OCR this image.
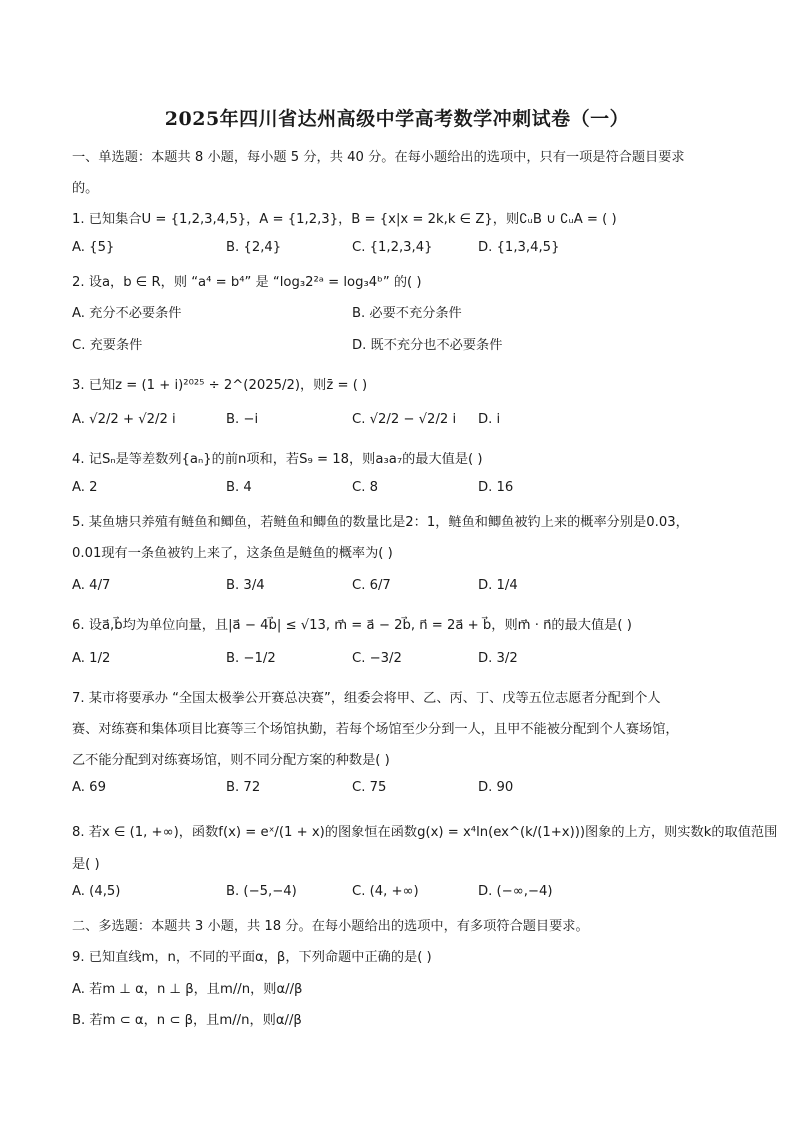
2025年四川省达州高级中学高考数学冲刺试卷（一）
一、单选题：本题共 8 小题，每小题 5 分，共 40 分。在每小题给出的选项中，只有一项是符合题目要求
的。
1. 已知集合U = {1,2,3,4,5}，A = {1,2,3}，B = {x|x = 2k,k ∈ Z}，则∁ᵤB ∪ ∁ᵤA = ( )
A. {5}	B. {2,4}	C. {1,2,3,4}	D. {1,3,4,5}
2. 设a，b ∈ R，则 “a⁴ = b⁴” 是 “log₃2²ᵃ = log₃4ᵇ” 的( )
A. 充分不必要条件	B. 必要不充分条件
C. 充要条件	D. 既不充分也不必要条件
3. 已知z = (1 + i)²⁰²⁵ ÷ 2^(2025/2)，则z̄ = ( )
A. √2/2 + √2/2 i	B. −i	C. √2/2 − √2/2 i D. i
4. 记Sₙ是等差数列{aₙ}的前n项和，若S₉ = 18，则a₃a₇的最大值是( )
A. 2	B. 4	C. 8	D. 16
5. 某鱼塘只养殖有鲢鱼和鲫鱼，若鲢鱼和鲫鱼的数量比是2：1，鲢鱼和鲫鱼被钓上来的概率分别是0.03，
0.01现有一条鱼被钓上来了，这条鱼是鲢鱼的概率为( )
A. 4/7	B. 3/4	C. 6/7	D. 1/4
6. 设a⃗,b⃗均为单位向量，且|a⃗ − 4b⃗| ≤ √13, m⃗ = a⃗ − 2b⃗, n⃗ = 2a⃗ + b⃗，则m⃗ · n⃗的最大值是( )
A. 1/2	B. −1/2	C. −3/2	D. 3/2
7. 某市将要承办 “全国太极拳公开赛总决赛”，组委会将甲、乙、丙、丁、戊等五位志愿者分配到个人
赛、对练赛和集体项目比赛等三个场馆执勤，若每个场馆至少分到一人，且甲不能被分配到个人赛场馆，
乙不能分配到对练赛场馆，则不同分配方案的种数是( )
A. 69	B. 72	C. 75	D. 90
8. 若x ∈ (1, +∞)，函数f(x) = eˣ/(1 + x)的图象恒在函数g(x) = x⁴ln(ex^(k/(1+x)))图象的上方，则实数k的取值范围
是( )
A. (4,5)	B. (−5,−4)	C. (4, +∞)	D. (−∞,−4)
二、多选题：本题共 3 小题，共 18 分。在每小题给出的选项中，有多项符合题目要求。
9. 已知直线m，n，不同的平面α，β，下列命题中正确的是( )
A. 若m ⊥ α，n ⊥ β，且m//n，则α//β
B. 若m ⊂ α，n ⊂ β，且m//n，则α//β
